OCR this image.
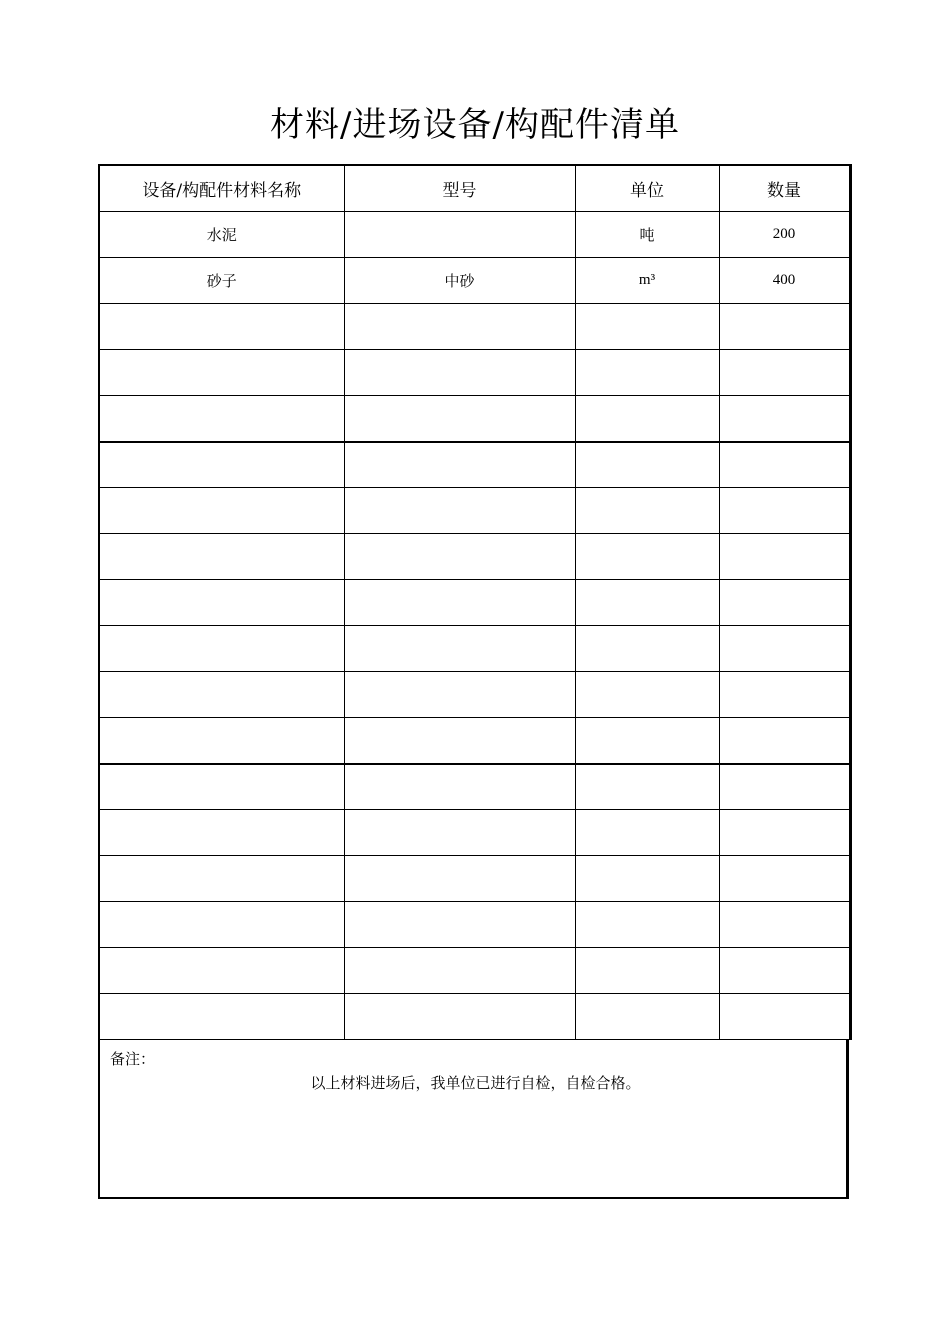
材料/进场设备/构配件清单
设备/构配件材料名称	型号	单位	数量
水泥		吨	200
砂子	中砂	m³	400

备注：
以上材料进场后，我单位已进行自检，自检合格。
